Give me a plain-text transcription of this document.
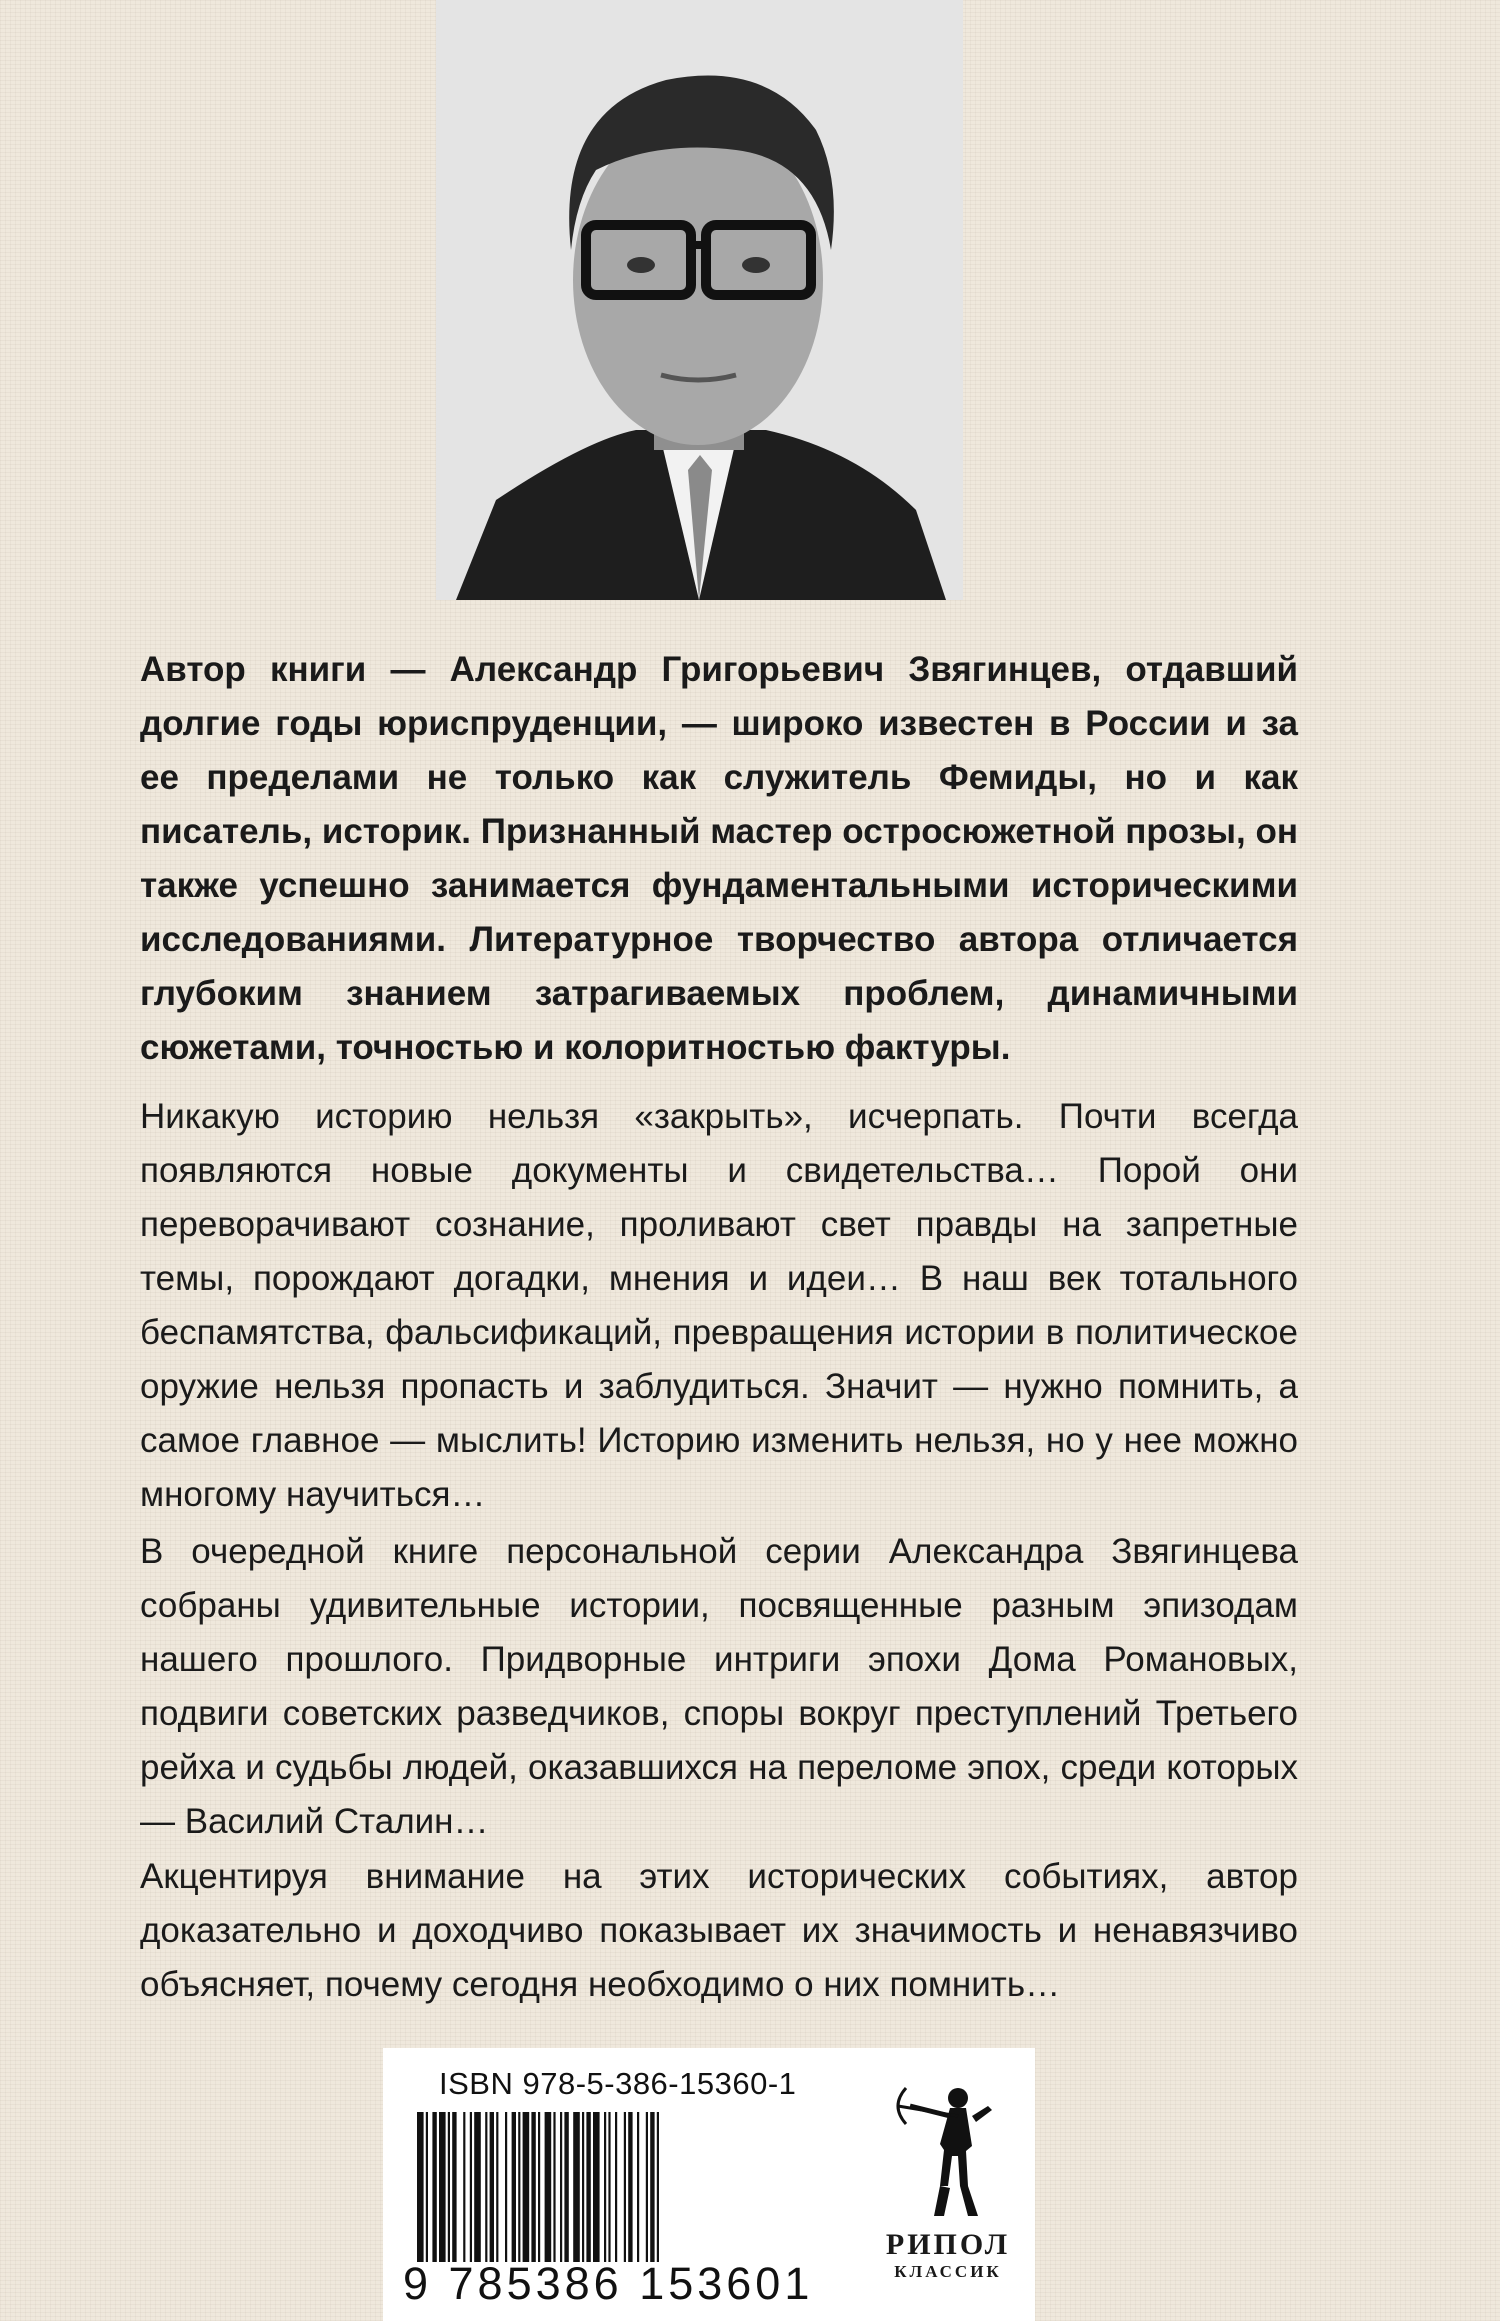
Автор книги — Александр Григорьевич Звягинцев, отдавший долгие годы юриспруденции, — широко известен в России и за ее пределами не только как служитель Фемиды, но и как писатель, историк. Признанный мастер остросюжетной прозы, он также успешно занимается фундаментальными историческими исследованиями. Литературное творчество автора отличается глубоким знанием затрагиваемых проблем, динамичными сюжетами, точностью и колоритностью фактуры.

Никакую историю нельзя «закрыть», исчерпать. Почти всегда появляются новые документы и свидетельства… Порой они переворачивают сознание, проливают свет правды на запретные темы, порождают догадки, мнения и идеи… В наш век тотального беспамятства, фальсификаций, превращения истории в политическое оружие нельзя пропасть и заблудиться. Значит — нужно помнить, а самое главное — мыслить! Историю изменить нельзя, но у нее можно многому научиться…

В очередной книге персональной серии Александра Звягинцева собраны удивительные истории, посвященные разным эпизодам нашего прошлого. Придворные интриги эпохи Дома Романовых, подвиги советских разведчиков, споры вокруг преступлений Третьего рейха и судьбы людей, оказавшихся на переломе эпох, среди которых — Василий Сталин…

Акцентируя внимание на этих исторических событиях, автор доказательно и доходчиво показывает их значимость и ненавязчиво объясняет, почему сегодня необходимо о них помнить…

ISBN 978-5-386-15360-1
9 785386 153601
РИПОЛ
КЛАССИК
